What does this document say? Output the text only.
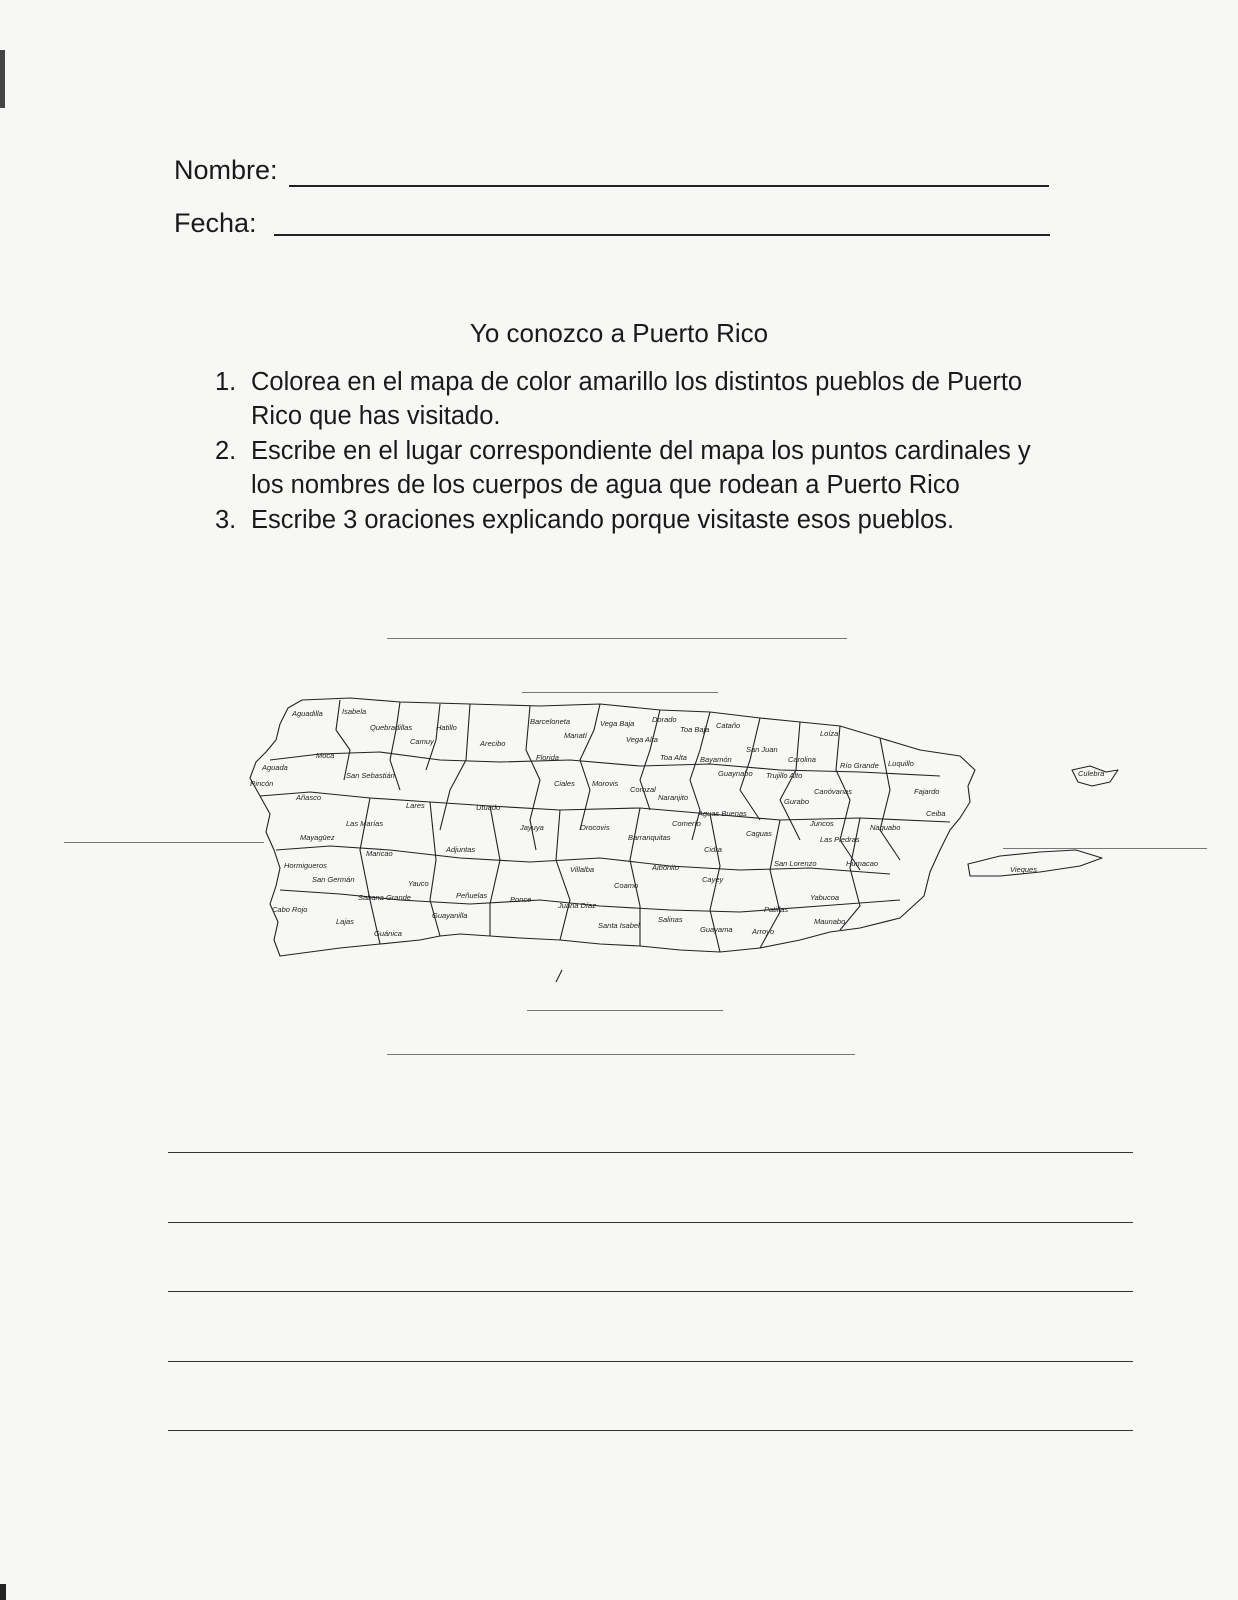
Nombre:
Fecha:
Yo conozco a Puerto Rico
1. Colorea en el mapa de color amarillo los distintos pueblos de Puerto Rico que has visitado.
2. Escribe en el lugar correspondiente del mapa los puntos cardinales y los nombres de los cuerpos de agua que rodean a Puerto Rico
3. Escribe 3 oraciones explicando porque visitaste esos pueblos.
Aguadilla	Isabela
Quebradillas	Hatillo
Camuy	Arecibo
Barceloneta
Manatí
Vega Baja Dorado
Toa Baja Cataño
Loíza
San Juan
Vega Alta
Florida	Toa Alta Bayamón	Carolina
Río Grande Luquillo
Culebra
Aguada
Moca
San Sebastián
Rincón
Guaynabo Trujillo Alto
Canóvanas	Fajardo
Ciales Morovis
Corozal
Añasco
Lares	Utuado
Naranjito	Gurabo
Ceiba
Aguas Buenas
Las Marías	Jayuya	Orocovis	Comerío	Juncos	Naguabo
Mayagüez	Caguas
Las Piedras
Barranquitas
Adjuntas
Maricao	Cidra
Hormigueros	Villalba	Aibonito	San Lorenzo	Humacao
Vieques
San Germán	Yauco	Coamo
Cayey
Sabana Grande	Peñuelas	Ponce	Yabucoa
Cabo Rojo	Juana Díaz
Guayanilla
Patillas
Lajas	Salinas
Santa Isabel	Guayama
Maunabo
Guánica	Arroyo
